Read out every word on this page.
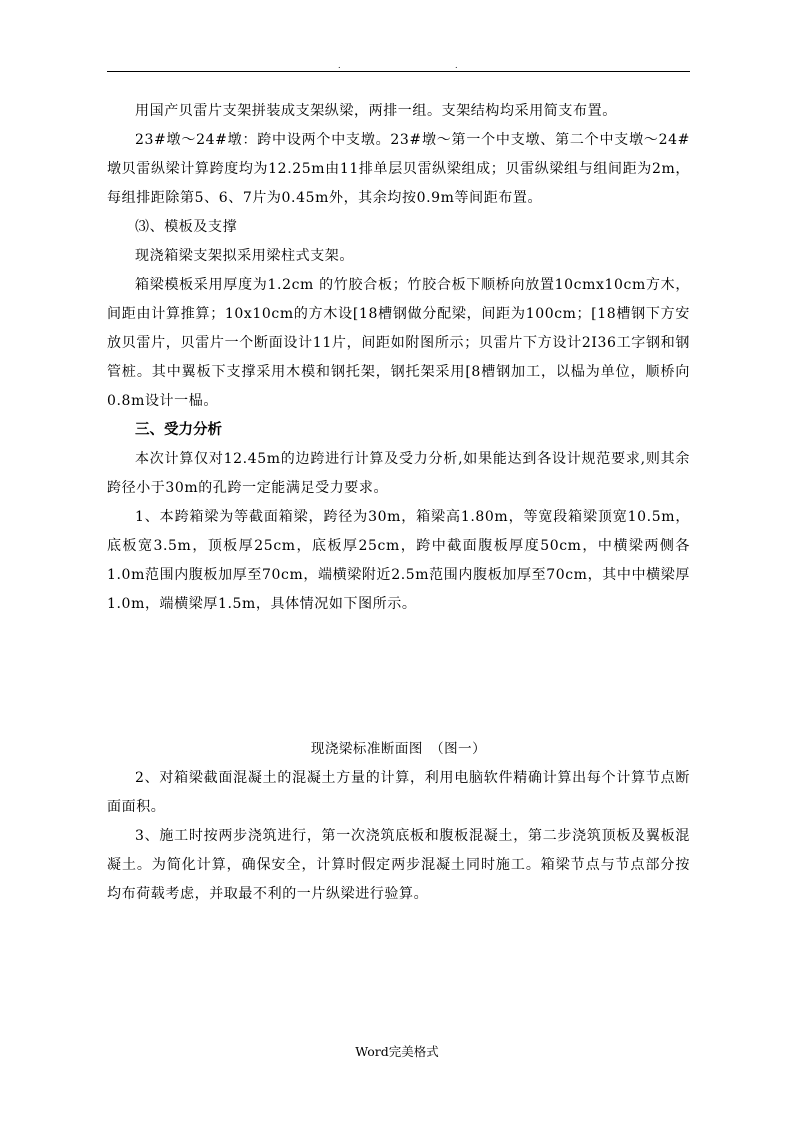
.	.

用国产贝雷片支架拼装成支架纵梁，两排一组。支架结构均采用简支布置。

23#墩～24#墩：跨中设两个中支墩。23#墩～第一个中支墩、第二个中支墩～24#墩贝雷纵梁计算跨度均为12.25m由11排单层贝雷纵梁组成；贝雷纵梁组与组间距为2m，每组排距除第5、6、7片为0.45m外，其余均按0.9m等间距布置。

⑶、模板及支撑

现浇箱梁支架拟采用梁柱式支架。

箱梁模板采用厚度为1.2cm 的竹胶合板；竹胶合板下顺桥向放置10cmx10cm方木，间距由计算推算；10x10cm的方木设[18槽钢做分配梁，间距为100cm；[18槽钢下方安放贝雷片，贝雷片一个断面设计11片，间距如附图所示；贝雷片下方设计2I36工字钢和钢管桩。其中翼板下支撑采用木模和钢托架，钢托架采用[8槽钢加工，以榀为单位，顺桥向0.8m设计一榀。

三、受力分析

本次计算仅对12.45m的边跨进行计算及受力分析,如果能达到各设计规范要求,则其余跨径小于30m的孔跨一定能满足受力要求。

1、本跨箱梁为等截面箱梁，跨径为30m，箱梁高1.80m，等宽段箱梁顶宽10.5m，底板宽3.5m，顶板厚25cm，底板厚25cm，跨中截面腹板厚度50cm，中横梁两侧各1.0m范围内腹板加厚至70cm，端横梁附近2.5m范围内腹板加厚至70cm，其中中横梁厚1.0m，端横梁厚1.5m，具体情况如下图所示。

现浇梁标准断面图　（图一）

2、对箱梁截面混凝土的混凝土方量的计算，利用电脑软件精确计算出每个计算节点断面面积。

3、施工时按两步浇筑进行，第一次浇筑底板和腹板混凝土，第二步浇筑顶板及翼板混凝土。为简化计算，确保安全，计算时假定两步混凝土同时施工。箱梁节点与节点部分按均布荷载考虑，并取最不利的一片纵梁进行验算。

Word完美格式
